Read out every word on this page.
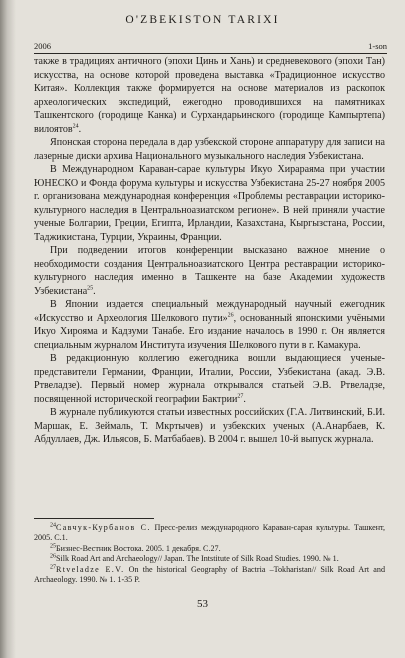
O'ZBEKISTON TARIXI
2006	1-son

также в традициях античного (эпохи Цинь и Хань) и средневекового (эпохи Тан) искусства, на основе которой проведена выставка «Традиционное искусство Китая». Коллекция также формируется на основе материалов из раскопок археологических экспедиций, ежегодно проводившихся на памятниках Ташкентского (городище Канка) и Сурхандарьинского (городище Кампыртепа) вилоятов$^{24}$.

Японская сторона передала в дар узбекской стороне аппаратуру для записи на лазерные диски архива Национального музыкального наследия Узбекистана.

В Международном Караван-сарае культуры Икуо Хирараяма при участии ЮНЕСКО и Фонда форума культуры и искусства Узбекистана 25-27 ноября 2005 г. организована международная конференция «Проблемы реставрации историко-культурного наследия в Центральноазиатском регионе». В ней приняли участие ученые Болгарии, Греции, Египта, Ирландии, Казахстана, Кыргызстана, России, Таджикистана, Турции, Украины, Франции.

При подведении итогов конференции высказано важное мнение о необходимости создания Центральноазиатского Центра реставрации историко-культурного наследия именно в Ташкенте на базе Академии художеств Узбекистана$^{25}$.

В Японии издается специальный международный научный ежегодник «Искусство и Археология Шелкового пути»$^{26}$, основанный японскими учёными Икуо Хирояма и Кадзуми Танабе. Его издание началось в 1990 г. Он является специальным журналом Института изучения Шелкового пути в г. Камакура.

В редакционную коллегию ежегодника вошли выдающиеся ученые-представители Германии, Франции, Италии, России, Узбекистана (акад. Э.В. Ртвеладзе). Первый номер журнала открывался статьей Э.В. Ртвеладзе, посвященной исторической географии Бактрии$^{27}$.

В журнале публикуются статьи известных российских (Г.А. Литвинский, Б.И. Маршак, Е. Зеймаль, Т. Мкртычев) и узбекских ученых (А.Анарбаев, К. Абдуллаев, Дж. Ильясов, Б. Матбабаев). В 2004 г. вышел 10-й выпуск журнала.

$^{24}$Савчук-Курбанов С. Пресс-релиз международного Караван-сарая культуры. Ташкент, 2005. С.1.

$^{25}$Бизнес-Вестник Востока. 2005. 1 декабря. С.27.

$^{26}$Silk Road Art and Archaeology// Japan. The Intstitute of Silk Road Studies. 1990. № 1.

$^{27}$Rtveladze E.V. On the historical Geography of Bactria –Tokharistan// Silk Road Art and Archaeology. 1990. № 1. 1-35 P.

53
